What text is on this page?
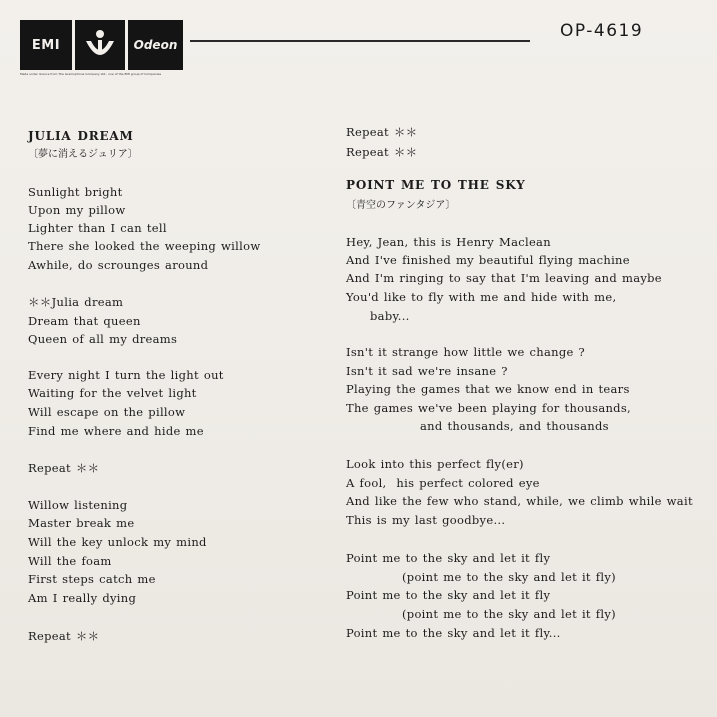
EMI	Odeon
Made under licence from The Gramophone Company Ltd., one of the EMI group of Companies
OP-4619
JULIA DREAM
〔夢に消えるジュリア〕
Sunlight bright
Upon my pillow
Lighter than I can tell
There she looked the weeping willow
Awhile, do scrounges around
＊＊Julia dream
Dream that queen
Queen of all my dreams
Every night I turn the light out
Waiting for the velvet light
Will escape on the pillow
Find me where and hide me
Repeat ＊＊
Willow listening
Master break me
Will the key unlock my mind
Will the foam
First steps catch me
Am I really dying
Repeat ＊＊
Repeat ＊＊
Repeat ＊＊
POINT ME TO THE SKY
〔青空のファンタジア〕
Hey, Jean, this is Henry Maclean
And I've finished my beautiful flying machine
And I'm ringing to say that I'm leaving and maybe
You'd like to fly with me and hide with me,
baby...
Isn't it strange how little we change ?
Isn't it sad we're insane ?
Playing the games that we know end in tears
The games we've been playing for thousands,
and thousands, and thousands
Look into this perfect fly(er)
A fool,  his perfect colored eye
And like the few who stand, while, we climb while wait
This is my last goodbye...
Point me to the sky and let it fly
(point me to the sky and let it fly)
Point me to the sky and let it fly
(point me to the sky and let it fly)
Point me to the sky and let it fly...
